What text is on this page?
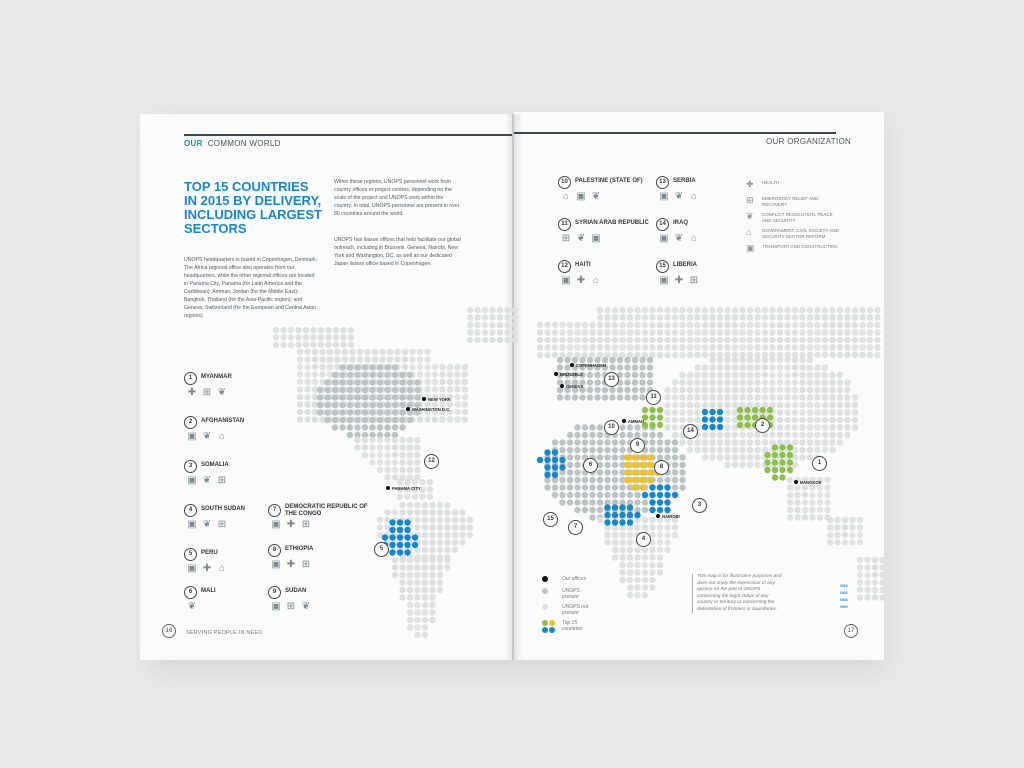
OUR COMMON WORLD
TOP 15 COUNTRIES IN 2015 BY DELIVERY, INCLUDING LARGEST SECTORS

UNOPS headquarters is based in Copenhagen, Denmark. The Africa regional office also operates from our headquarters, while the other regional offices are located in Panama City, Panama (for Latin America and the Caribbean); Amman, Jordan (for the Middle East); Bangkok, Thailand (for the Asia-Pacific region); and Geneva, Switzerland (for the European and Central Asian regions).

Within these regions, UNOPS personnel work from country offices or project centres, depending on the scale of the project and UNOPS work within the country. In total, UNOPS personnel are present in over 80 countries around the world.

UNOPS has liaison offices that help facilitate our global outreach, including in Brussels, Geneva, Nairobi, New York and Washington, DC, as well as our dedicated Japan liaison office based in Copenhagen.

1	MYANMAR
✚ ⊞ ❦
2	AFGHANISTAN
▣ ❦ ⌂
3	SOMALIA
▣ ❦ ⊞
4	SOUTH SUDAN
▣ ❦ ⊞
5	PERU
▣ ✚ ⌂
6	MALI
❦
7	DEMOCRATIC REPUBLIC OF THE CONGO
▣ ✚ ⊞
8	ETHIOPIA
▣ ✚ ⊞
9	SUDAN
▣ ⊞ ❦
16	SERVING PEOPLE IN NEED
OUR ORGANIZATION
10	PALESTINE (STATE OF)
⌂ ▣ ❦
11	SYRIAN ARAB REPUBLIC
⊞ ❦ ▣
12	HAITI
▣ ✚ ⌂
13	SERBIA
▣ ❦ ⌂
14	IRAQ
▣ ❦ ⌂
15	LIBERIA
▣ ✚ ⊞
✚	HEALTH
⊞	EMERGENCY RELIEF AND RECOVERY
❦	CONFLICT RESOLUTION, PEACE AND SECURITY
⌂	GOVERNMENT, CIVIL SOCIETY AND SECURITY SECTOR REFORM
▣ TRANSPORT AND CONSTRUCTION
Our offices
UNOPS present
UNOPS not present
Top 15 countries
This map is for illustrative purposes and does not imply the expression of any opinion on the part of UNOPS concerning the legal status of any country or territory or concerning the delimitation of frontiers or boundaries.
17
1
2
3
4
5
6
7
8
9
10
11
12
13
14
15
NEW YORK
WASHINGTON D.C.
PANAMA CITY
COPENHAGEN
BRUSSELS
GENEVA
AMMAN
NAIROBI
BANGKOK
G65
G66
G68
G69
